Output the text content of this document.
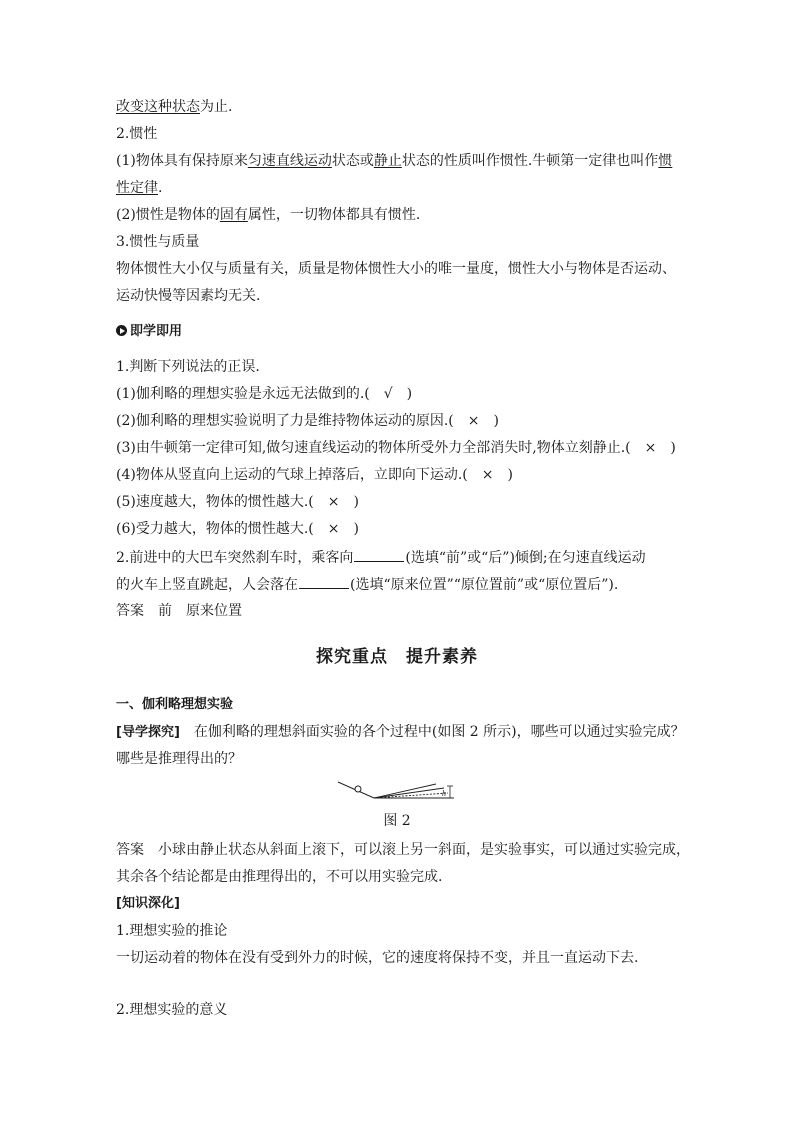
改变这种状态为止.
2.惯性
(1)物体具有保持原来匀速直线运动状态或静止状态的性质叫作惯性.牛顿第一定律也叫作惯
性定律.
(2)惯性是物体的固有属性，一切物体都具有惯性.
3.惯性与质量
物体惯性大小仅与质量有关，质量是物体惯性大小的唯一量度，惯性大小与物体是否运动、
运动快慢等因素均无关.
即学即用
1.判断下列说法的正误.
(1)伽利略的理想实验是永远无法做到的.(　√　)
(2)伽利略的理想实验说明了力是维持物体运动的原因.(　×　)
(3)由牛顿第一定律可知,做匀速直线运动的物体所受外力全部消失时,物体立刻静止.(　×　)
(4)物体从竖直向上运动的气球上掉落后，立即向下运动.(　×　)
(5)速度越大，物体的惯性越大.(　×　)
(6)受力越大，物体的惯性越大.(　×　)
2.前进中的大巴车突然刹车时，乘客向	(选填“前”或“后”)倾倒;在匀速直线运动
的火车上竖直跳起，人会落在	(选填“原来位置”“原位置前”或“原位置后”).
答案　前　原来位置
探究重点　提升素养
一、伽利略理想实验
[导学探究]　在伽利略的理想斜面实验的各个过程中(如图 2 所示)，哪些可以通过实验完成？
哪些是推理得出的？
h
图 2
答案　小球由静止状态从斜面上滚下，可以滚上另一斜面，是实验事实，可以通过实验完成，
其余各个结论都是由推理得出的，不可以用实验完成.
[知识深化]
1.理想实验的推论
一切运动着的物体在没有受到外力的时候，它的速度将保持不变，并且一直运动下去.
2.理想实验的意义
